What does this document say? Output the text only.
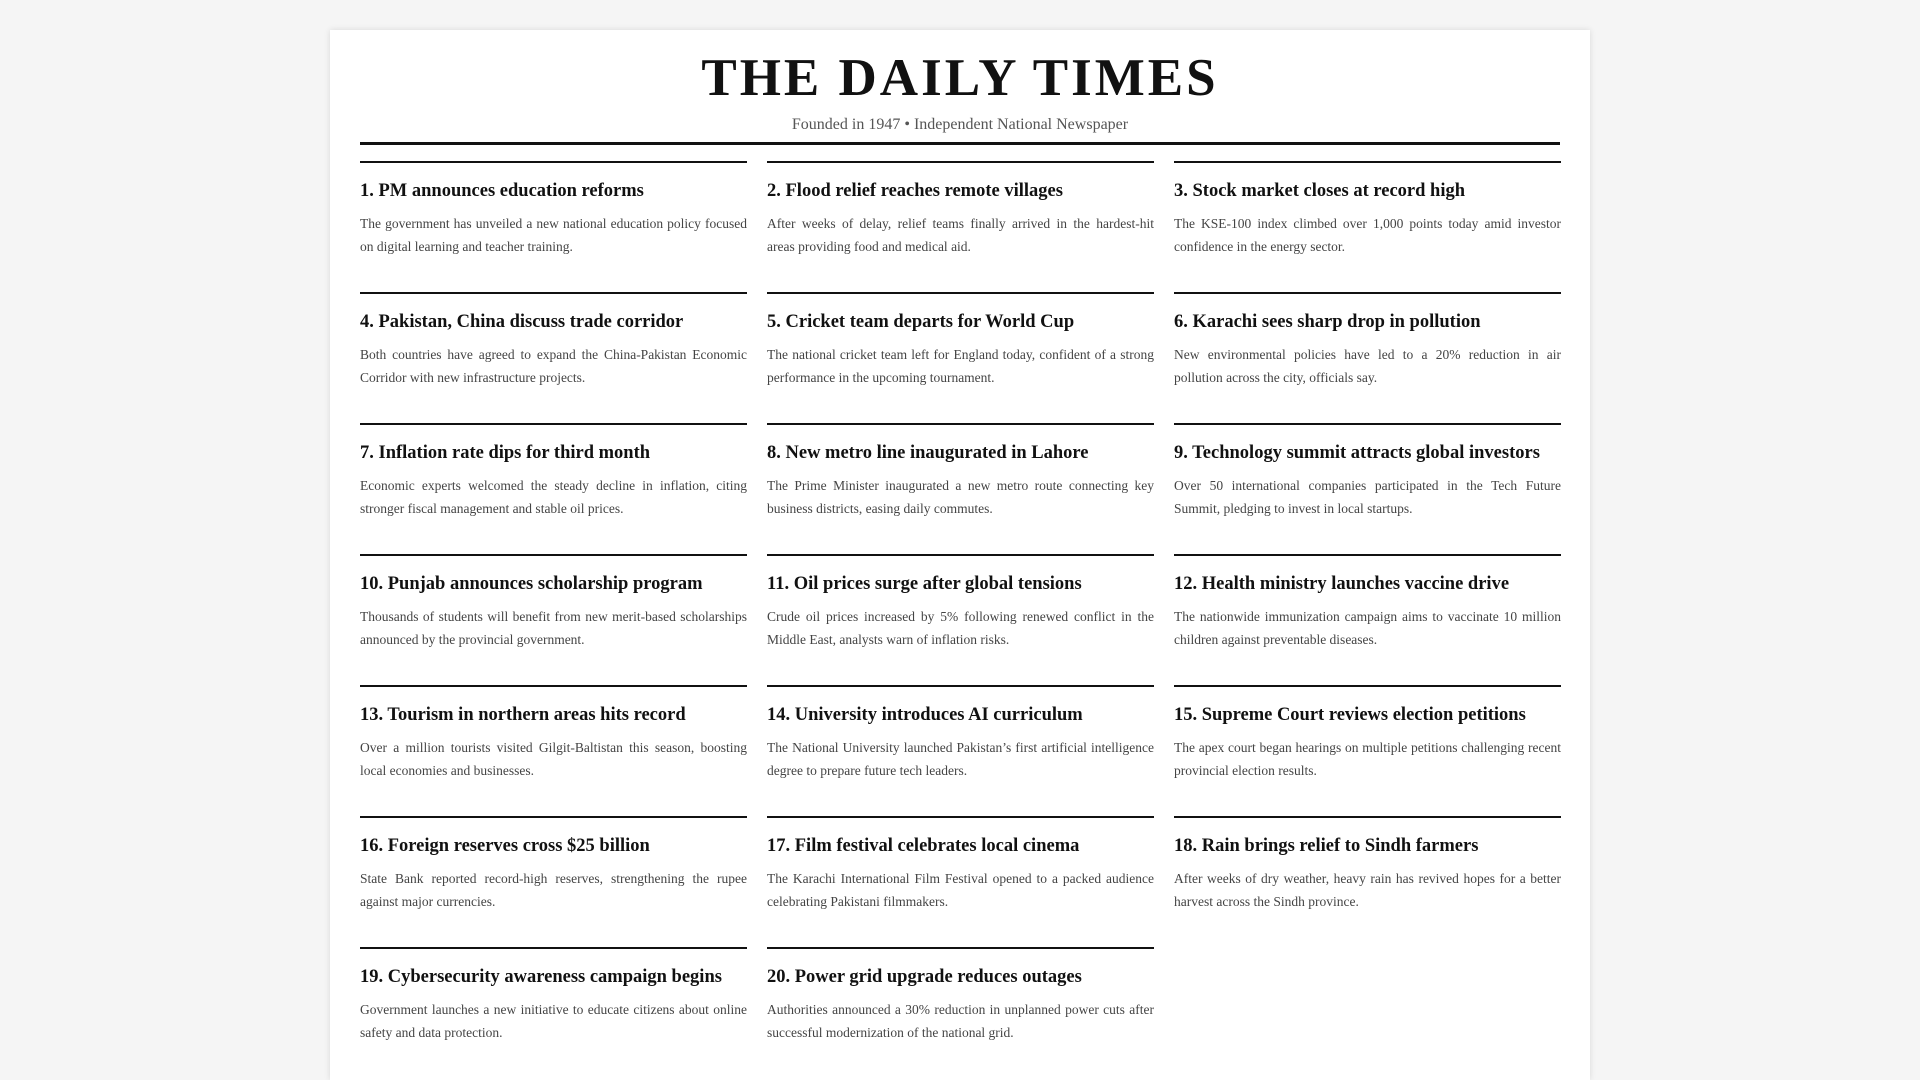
THE DAILY TIMES
Founded in 1947 • Independent National Newspaper
1. PM announces education reforms

The government has unveiled a new national education policy focused on digital learning and teacher training.

2. Flood relief reaches remote villages

After weeks of delay, relief teams finally arrived in the hardest-hit areas providing food and medical aid.

3. Stock market closes at record high

The KSE-100 index climbed over 1,000 points today amid investor confidence in the energy sector.

4. Pakistan, China discuss trade corridor

Both countries have agreed to expand the China-Pakistan Economic Corridor with new infrastructure projects.

5. Cricket team departs for World Cup

The national cricket team left for England today, confident of a strong performance in the upcoming tournament.

6. Karachi sees sharp drop in pollution

New environmental policies have led to a 20% reduction in air pollution across the city, officials say.

7. Inflation rate dips for third month

Economic experts welcomed the steady decline in inflation, citing stronger fiscal management and stable oil prices.

8. New metro line inaugurated in Lahore

The Prime Minister inaugurated a new metro route connecting key business districts, easing daily commutes.

9. Technology summit attracts global investors

Over 50 international companies participated in the Tech Future Summit, pledging to invest in local startups.

10. Punjab announces scholarship program

Thousands of students will benefit from new merit-based scholarships announced by the provincial government.

11. Oil prices surge after global tensions

Crude oil prices increased by 5% following renewed conflict in the Middle East, analysts warn of inflation risks.

12. Health ministry launches vaccine drive

The nationwide immunization campaign aims to vaccinate 10 million children against preventable diseases.

13. Tourism in northern areas hits record

Over a million tourists visited Gilgit-Baltistan this season, boosting local economies and businesses.

14. University introduces AI curriculum

The National University launched Pakistan’s first artificial intelligence degree to prepare future tech leaders.

15. Supreme Court reviews election petitions

The apex court began hearings on multiple petitions challenging recent provincial election results.

16. Foreign reserves cross $25 billion

State Bank reported record-high reserves, strengthening the rupee against major currencies.

17. Film festival celebrates local cinema

The Karachi International Film Festival opened to a packed audience celebrating Pakistani filmmakers.

18. Rain brings relief to Sindh farmers

After weeks of dry weather, heavy rain has revived hopes for a better harvest across the Sindh province.

19. Cybersecurity awareness campaign begins

Government launches a new initiative to educate citizens about online safety and data protection.

20. Power grid upgrade reduces outages

Authorities announced a 30% reduction in unplanned power cuts after successful modernization of the national grid.
